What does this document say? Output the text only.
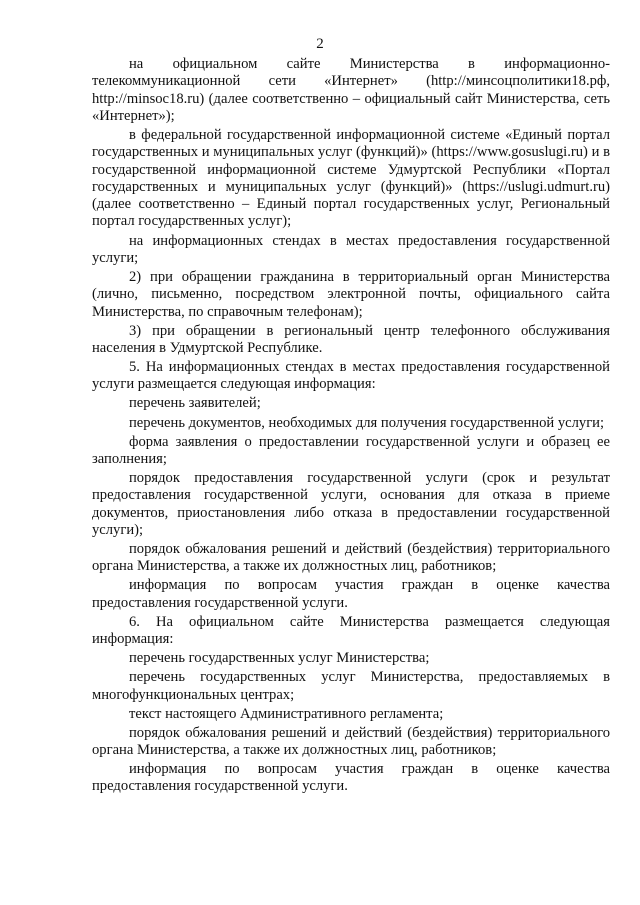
2

на официальном сайте Министерства в информационно-телекоммуникационной сети «Интернет» (http://минсоцполитики18.рф, http://minsoc18.ru) (далее соответственно – официальный сайт Министерства, сеть «Интернет»);

в федеральной государственной информационной системе «Единый портал государственных и муниципальных услуг (функций)» (https://www.gosuslugi.ru) и в государственной информационной системе Удмуртской Республики «Портал государственных и муниципальных услуг (функций)» (https://uslugi.udmurt.ru) (далее соответственно – Единый портал государственных услуг, Региональный портал государственных услуг);

на информационных стендах в местах предоставления государственной услуги;

2) при обращении гражданина в территориальный орган Министерства (лично, письменно, посредством электронной почты, официального сайта Министерства, по справочным телефонам);

3) при обращении в региональный центр телефонного обслуживания населения в Удмуртской Республике.

5. На информационных стендах в местах предоставления государственной услуги размещается следующая информация:

перечень заявителей;

перечень документов, необходимых для получения государственной услуги;

форма заявления о предоставлении государственной услуги и образец ее заполнения;

порядок предоставления государственной услуги (срок и результат предоставления государственной услуги, основания для отказа в приеме документов, приостановления либо отказа в предоставлении государственной услуги);

порядок обжалования решений и действий (бездействия) территориального органа Министерства, а также их должностных лиц, работников;

информация по вопросам участия граждан в оценке качества предоставления государственной услуги.

6. На официальном сайте Министерства размещается следующая информация:

перечень государственных услуг Министерства;

перечень государственных услуг Министерства, предоставляемых в многофункциональных центрах;

текст настоящего Административного регламента;

порядок обжалования решений и действий (бездействия) территориального органа Министерства, а также их должностных лиц, работников;

информация по вопросам участия граждан в оценке качества предоставления государственной услуги.
